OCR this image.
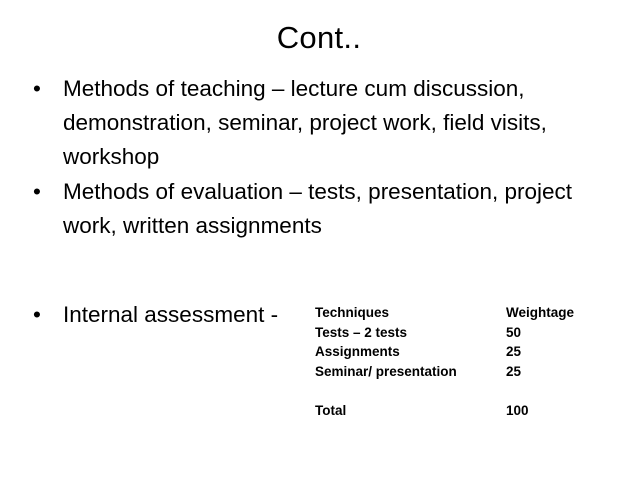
Cont..
• Methods of teaching – lecture cum discussion, demonstration, seminar, project work, field visits, workshop
• Methods of evaluation – tests, presentation, project work, written assignments
• Internal assessment -	Techniques	Weightage
Tests – 2 tests	50
Assignments	25
Seminar/ presentation	25

Total	100
